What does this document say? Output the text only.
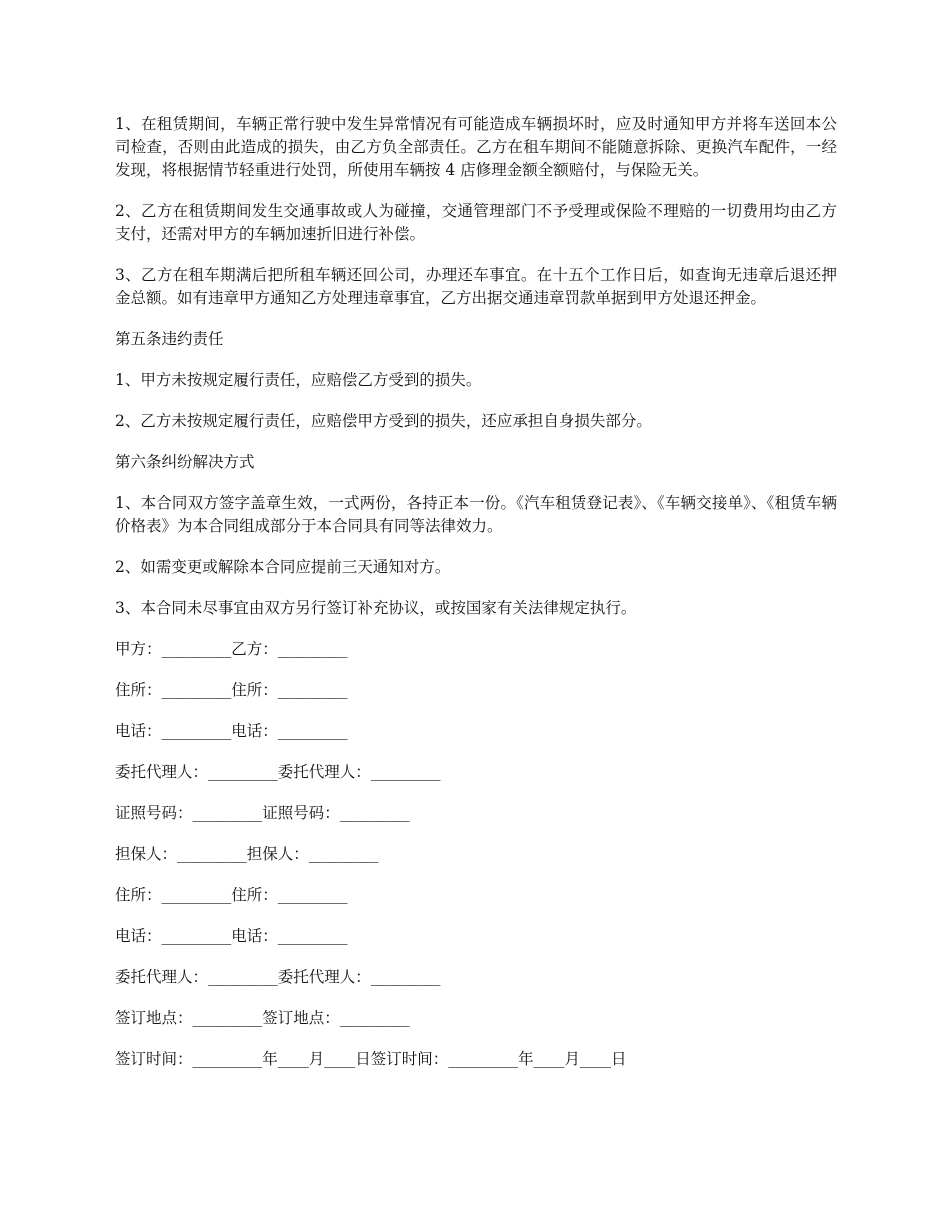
1、在租赁期间，车辆正常行驶中发生异常情况有可能造成车辆损坏时，应及时通知甲方并将车送回本公司检查，否则由此造成的损失，由乙方负全部责任。乙方在租车期间不能随意拆除、更换汽车配件，一经发现，将根据情节轻重进行处罚，所使用车辆按 4 店修理金额全额赔付，与保险无关。

2、乙方在租赁期间发生交通事故或人为碰撞，交通管理部门不予受理或保险不理赔的一切费用均由乙方支付，还需对甲方的车辆加速折旧进行补偿。

3、乙方在租车期满后把所租车辆还回公司，办理还车事宜。在十五个工作日后，如查询无违章后退还押金总额。如有违章甲方通知乙方处理违章事宜，乙方出据交通违章罚款单据到甲方处退还押金。

第五条违约责任

1、甲方未按规定履行责任，应赔偿乙方受到的损失。

2、乙方未按规定履行责任，应赔偿甲方受到的损失，还应承担自身损失部分。

第六条纠纷解决方式

1、本合同双方签字盖章生效，一式两份，各持正本一份。《汽车租赁登记表》、《车辆交接单》、《租赁车辆价格表》为本合同组成部分于本合同具有同等法律效力。

2、如需变更或解除本合同应提前三天通知对方。

3、本合同未尽事宜由双方另行签订补充协议，或按国家有关法律规定执行。

甲方：_________乙方：_________
住所：_________住所：_________
电话：_________电话：_________
委托代理人：_________委托代理人：_________
证照号码：_________证照号码：_________
担保人：_________担保人：_________
住所：_________住所：_________
电话：_________电话：_________
委托代理人：_________委托代理人：_________
签订地点：_________签订地点：_________
签订时间：_________年____月____日签订时间：_________年____月____日
